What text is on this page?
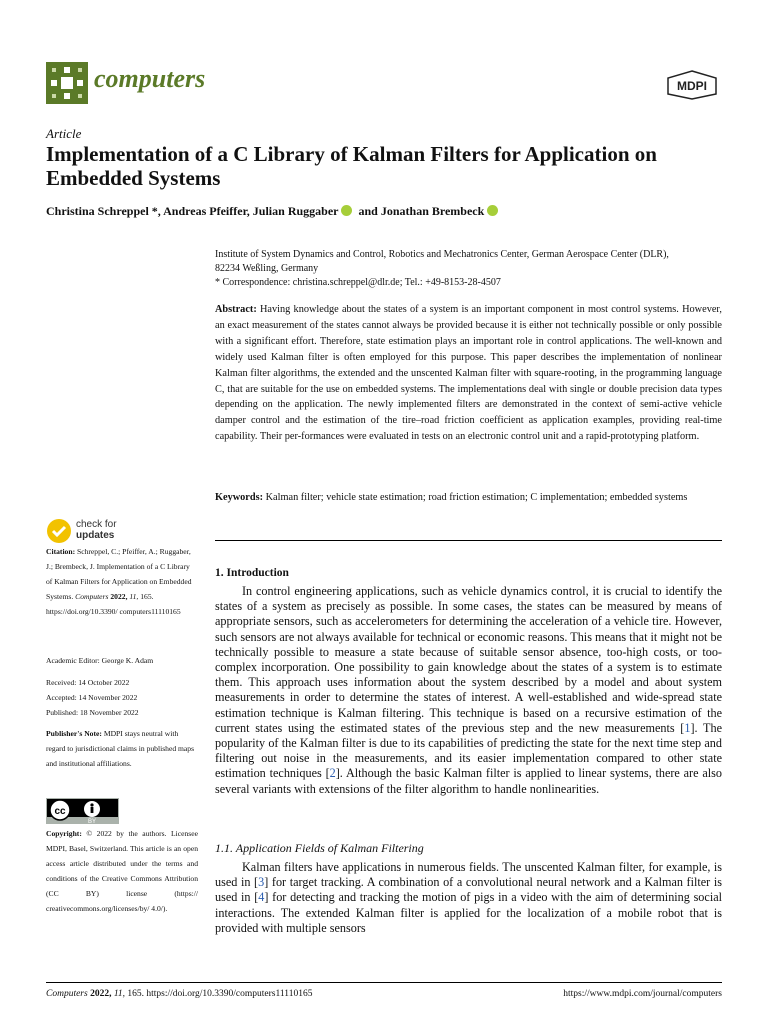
computers	MDPI
Article
Implementation of a C Library of Kalman Filters for Application on Embedded Systems
Christina Schreppel *, Andreas Pfeiffer, Julian Ruggaber and Jonathan Brembeck
Institute of System Dynamics and Control, Robotics and Mechatronics Center, German Aerospace Center (DLR),
82234 Weßling, Germany
* Correspondence: christina.schreppel@dlr.de; Tel.: +49-8153-28-4507
Abstract: Having knowledge about the states of a system is an important component in most control systems. However, an exact measurement of the states cannot always be provided because it is either not technically possible or only possible with a significant effort. Therefore, state estimation plays an important role in control applications. The well-known and widely used Kalman filter is often employed for this purpose. This paper describes the implementation of nonlinear Kalman filter algorithms, the extended and the unscented Kalman filter with square-rooting, in the programming language C, that are suitable for the use on embedded systems. The implementations deal with single or double precision data types depending on the application. The newly implemented filters are demonstrated in the context of semi-active vehicle damper control and the estimation of the tire–road friction coefficient as application examples, providing real-time capability. Their per-formances were evaluated in tests on an electronic control unit and a rapid-prototyping platform.
Keywords: Kalman filter; vehicle state estimation; road friction estimation; C implementation; embedded systems
check for
updates
Citation: Schreppel, C.; Pfeiffer, A.; Ruggaber, J.; Brembeck, J. Implementation of a C Library of Kalman Filters for Application on Embedded Systems. Computers 2022, 11, 165. https://doi.org/10.3390/ computers11110165
Academic Editor: George K. Adam
Received: 14 October 2022
Accepted: 14 November 2022
Published: 18 November 2022
Publisher's Note: MDPI stays neutral with regard to jurisdictional claims in published maps and institutional affiliations.
cc
BY
Copyright: © 2022 by the authors. Licensee MDPI, Basel, Switzerland. This article is an open access article distributed under the terms and conditions of the Creative Commons Attribution (CC BY) license (https:// creativecommons.org/licenses/by/ 4.0/).
1. Introduction
In control engineering applications, such as vehicle dynamics control, it is crucial to identify the states of a system as precisely as possible. In some cases, the states can be measured by means of appropriate sensors, such as accelerometers for determining the acceleration of a vehicle tire. However, such sensors are not always available for technical or economic reasons. This means that it might not be technically possible to measure a state because of suitable sensor absence, too-high costs, or too-complex incorporation. One possibility to gain knowledge about the states of a system is to estimate them. This approach uses information about the system described by a model and about system measurements in order to determine the states of interest. A well-established and wide-spread state estimation technique is Kalman filtering. This technique is based on a recursive estimation of the current states using the estimated states of the previous step and the new measurements [1]. The popularity of the Kalman filter is due to its capabilities of predicting the state for the next time step and filtering out noise in the measurements, and its easier implementation compared to other state estimation techniques [2]. Although the basic Kalman filter is applied to linear systems, there are also several variants with extensions of the filter algorithm to handle nonlinearities.
1.1. Application Fields of Kalman Filtering
Kalman filters have applications in numerous fields. The unscented Kalman filter, for example, is used in [3] for target tracking. A combination of a convolutional neural network and a Kalman filter is used in [4] for detecting and tracking the motion of pigs in a video with the aim of determining social interactions. The extended Kalman filter is applied for the localization of a mobile robot that is provided with multiple sensors
Computers 2022, 11, 165. https://doi.org/10.3390/computers11110165	https://www.mdpi.com/journal/computers
